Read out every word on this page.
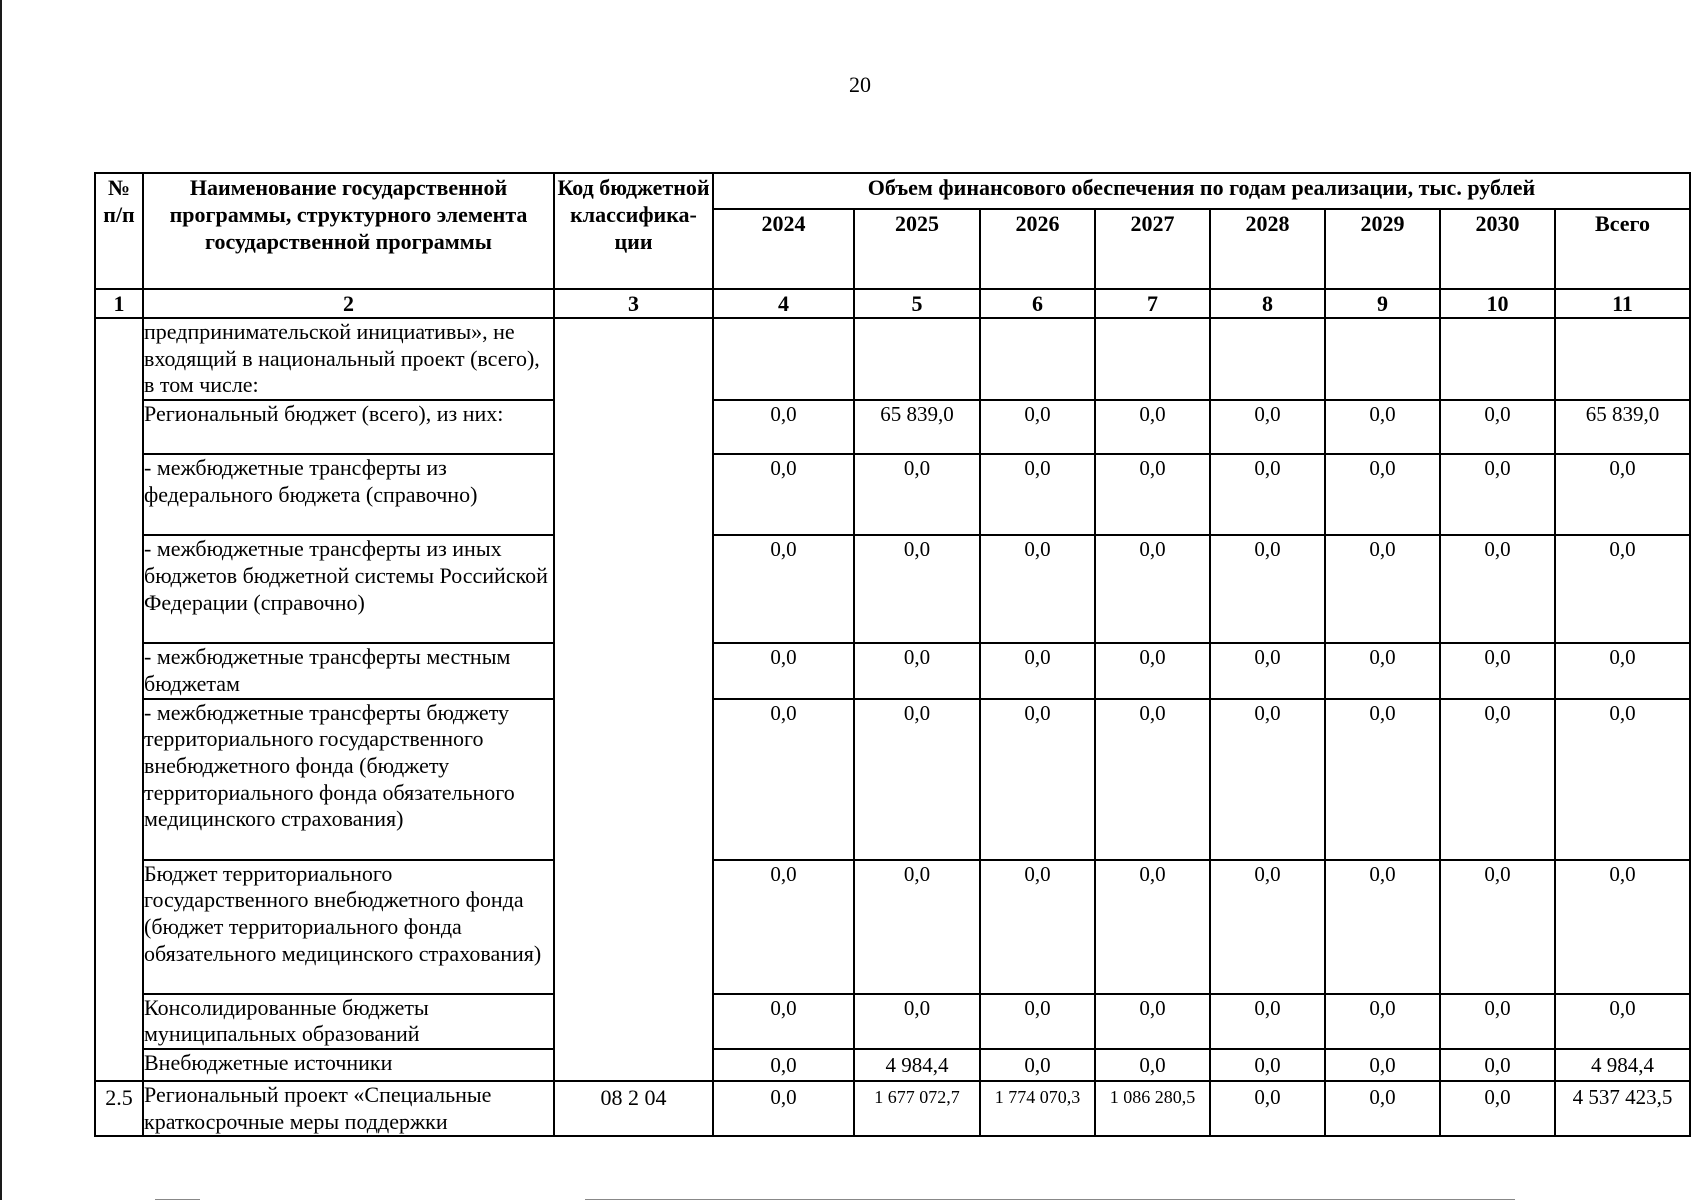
20
№ п/п	Наименование государственной программы, структурного элемента государственной программы	Код бюджетной классифика-ции	Объем финансового обеспечения по годам реализации, тыс. рублей							
			2024	2025	2026	2027	2028	2029	2030	Всего
1	2	3	4	5	6	7	8	9	10	11
	предпринимательской инициативы», не входящий в национальный проект (всего), в том числе:									
	Региональный бюджет (всего), из них:		0,0	65 839,0	0,0	0,0	0,0	0,0	0,0	65 839,0
	- межбюджетные трансферты из федерального бюджета (справочно)		0,0	0,0	0,0	0,0	0,0	0,0	0,0	0,0
	- межбюджетные трансферты из иных бюджетов бюджетной системы Российской Федерации (справочно)		0,0	0,0	0,0	0,0	0,0	0,0	0,0	0,0
	- межбюджетные трансферты местным бюджетам		0,0	0,0	0,0	0,0	0,0	0,0	0,0	0,0
	- межбюджетные трансферты бюджету территориального государственного внебюджетного фонда (бюджету территориального фонда обязательного медицинского страхования)		0,0	0,0	0,0	0,0	0,0	0,0	0,0	0,0
	Бюджет территориального государственного внебюджетного фонда (бюджет территориального фонда обязательного медицинского страхования)		0,0	0,0	0,0	0,0	0,0	0,0	0,0	0,0
	Консолидированные бюджеты муниципальных образований		0,0	0,0	0,0	0,0	0,0	0,0	0,0	0,0
	Внебюджетные источники		0,0	4 984,4	0,0	0,0	0,0	0,0	0,0	4 984,4
2.5	Региональный проект «Специальные краткосрочные меры поддержки	08 2 04	0,0	1 677 072,7	1 774 070,3	1 086 280,5	0,0	0,0	0,0	4 537 423,5
